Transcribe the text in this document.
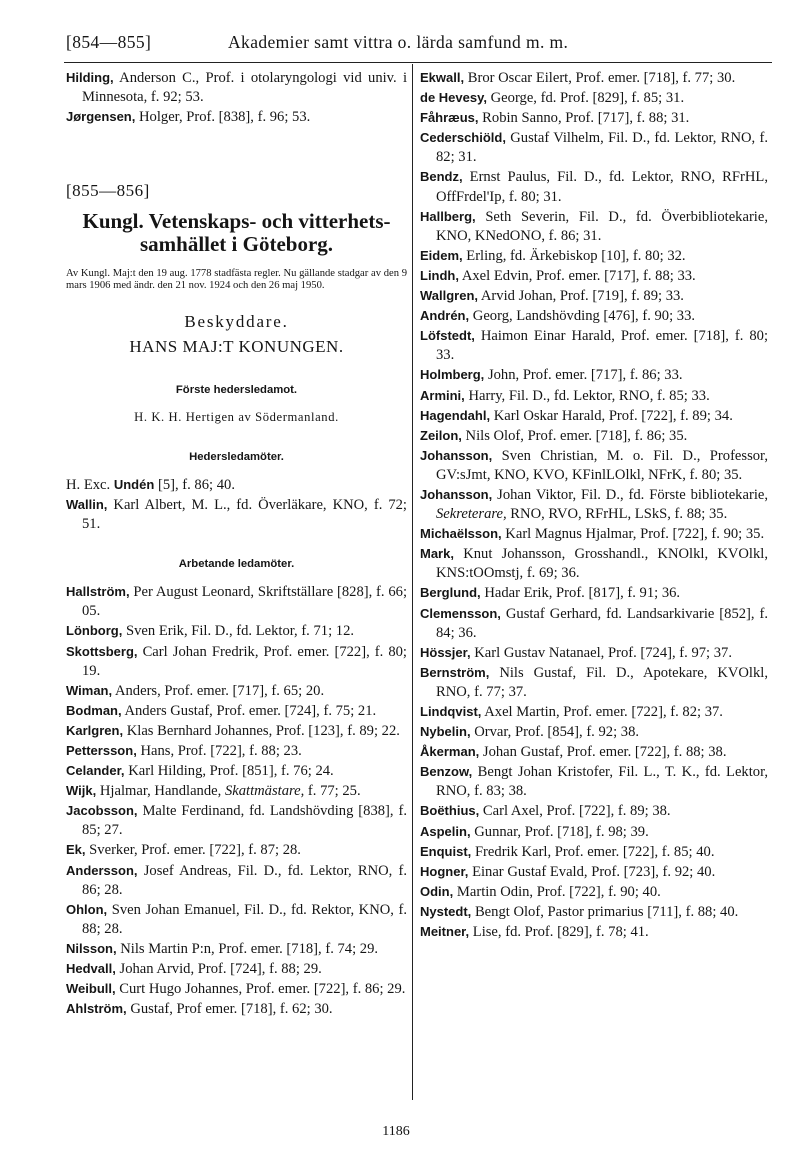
[854—855]	Akademier samt vittra o. lärda samfund m. m.
Hilding, Anderson C., Prof. i otolaryngologi vid univ. i Minnesota, f. 92; 53.
Jørgensen, Holger, Prof. [838], f. 96; 53.
[855—856]
Kungl. Vetenskaps- och vitterhets-samhället i Göteborg.
Av Kungl. Maj:t den 19 aug. 1778 stadfästa regler. Nu gällande stadgar av den 9 mars 1906 med ändr. den 21 nov. 1924 och den 26 maj 1950.
Beskyddare.
HANS MAJ:T KONUNGEN.
Förste hedersledamot.
H. K. H. Hertigen av Södermanland.
Hedersledamöter.
H. Exc. Undén [5], f. 86; 40.
Wallin, Karl Albert, M. L., fd. Överläkare, KNO, f. 72; 51.
Arbetande ledamöter.
Hallström, Per August Leonard, Skriftställare [828], f. 66; 05.
Lönborg, Sven Erik, Fil. D., fd. Lektor, f. 71; 12.
Skottsberg, Carl Johan Fredrik, Prof. emer. [722], f. 80; 19.
Wiman, Anders, Prof. emer. [717], f. 65; 20.
Bodman, Anders Gustaf, Prof. emer. [724], f. 75; 21.
Karlgren, Klas Bernhard Johannes, Prof. [123], f. 89; 22.
Pettersson, Hans, Prof. [722], f. 88; 23.
Celander, Karl Hilding, Prof. [851], f. 76; 24.
Wijk, Hjalmar, Handlande, Skattmästare, f. 77; 25.
Jacobsson, Malte Ferdinand, fd. Landshövding [838], f. 85; 27.
Ek, Sverker, Prof. emer. [722], f. 87; 28.
Andersson, Josef Andreas, Fil. D., fd. Lektor, RNO, f. 86; 28.
Ohlon, Sven Johan Emanuel, Fil. D., fd. Rektor, KNO, f. 88; 28.
Nilsson, Nils Martin P:n, Prof. emer. [718], f. 74; 29.
Hedvall, Johan Arvid, Prof. [724], f. 88; 29.
Weibull, Curt Hugo Johannes, Prof. emer. [722], f. 86; 29.
Ahlström, Gustaf, Prof emer. [718], f. 62; 30.
Ekwall, Bror Oscar Eilert, Prof. emer. [718], f. 77; 30.
de Hevesy, George, fd. Prof. [829], f. 85; 31.
Fåhræus, Robin Sanno, Prof. [717], f. 88; 31.
Cederschiöld, Gustaf Vilhelm, Fil. D., fd. Lektor, RNO, f. 82; 31.
Bendz, Ernst Paulus, Fil. D., fd. Lektor, RNO, RFrHL, OffFrdel'Ip, f. 80; 31.
Hallberg, Seth Severin, Fil. D., fd. Överbibliotekarie, KNO, KNedONO, f. 86; 31.
Eidem, Erling, fd. Ärkebiskop [10], f. 80; 32.
Lindh, Axel Edvin, Prof. emer. [717], f. 88; 33.
Wallgren, Arvid Johan, Prof. [719], f. 89; 33.
Andrén, Georg, Landshövding [476], f. 90; 33.
Löfstedt, Haimon Einar Harald, Prof. emer. [718], f. 80; 33.
Holmberg, John, Prof. emer. [717], f. 86; 33.
Armini, Harry, Fil. D., fd. Lektor, RNO, f. 85; 33.
Hagendahl, Karl Oskar Harald, Prof. [722], f. 89; 34.
Zeilon, Nils Olof, Prof. emer. [718], f. 86; 35.
Johansson, Sven Christian, M. o. Fil. D., Professor, GV:sJmt, KNO, KVO, KFinlLOlkl, NFrK, f. 80; 35.
Johansson, Johan Viktor, Fil. D., fd. Förste bibliotekarie, Sekreterare, RNO, RVO, RFrHL, LSkS, f. 88; 35.
Michaëlsson, Karl Magnus Hjalmar, Prof. [722], f. 90; 35.
Mark, Knut Johansson, Grosshandl., KNOlkl, KVOlkl, KNS:tOOmstj, f. 69; 36.
Berglund, Hadar Erik, Prof. [817], f. 91; 36.
Clemensson, Gustaf Gerhard, fd. Landsarkivarie [852], f. 84; 36.
Hössjer, Karl Gustav Natanael, Prof. [724], f. 97; 37.
Bernström, Nils Gustaf, Fil. D., Apotekare, KVOlkl, RNO, f. 77; 37.
Lindqvist, Axel Martin, Prof. emer. [722], f. 82; 37.
Nybelin, Orvar, Prof. [854], f. 92; 38.
Åkerman, Johan Gustaf, Prof. emer. [722], f. 88; 38.
Benzow, Bengt Johan Kristofer, Fil. L., T. K., fd. Lektor, RNO, f. 83; 38.
Boëthius, Carl Axel, Prof. [722], f. 89; 38.
Aspelin, Gunnar, Prof. [718], f. 98; 39.
Enquist, Fredrik Karl, Prof. emer. [722], f. 85; 40.
Hogner, Einar Gustaf Evald, Prof. [723], f. 92; 40.
Odin, Martin Odin, Prof. [722], f. 90; 40.
Nystedt, Bengt Olof, Pastor primarius [711], f. 88; 40.
Meitner, Lise, fd. Prof. [829], f. 78; 41.
1186
